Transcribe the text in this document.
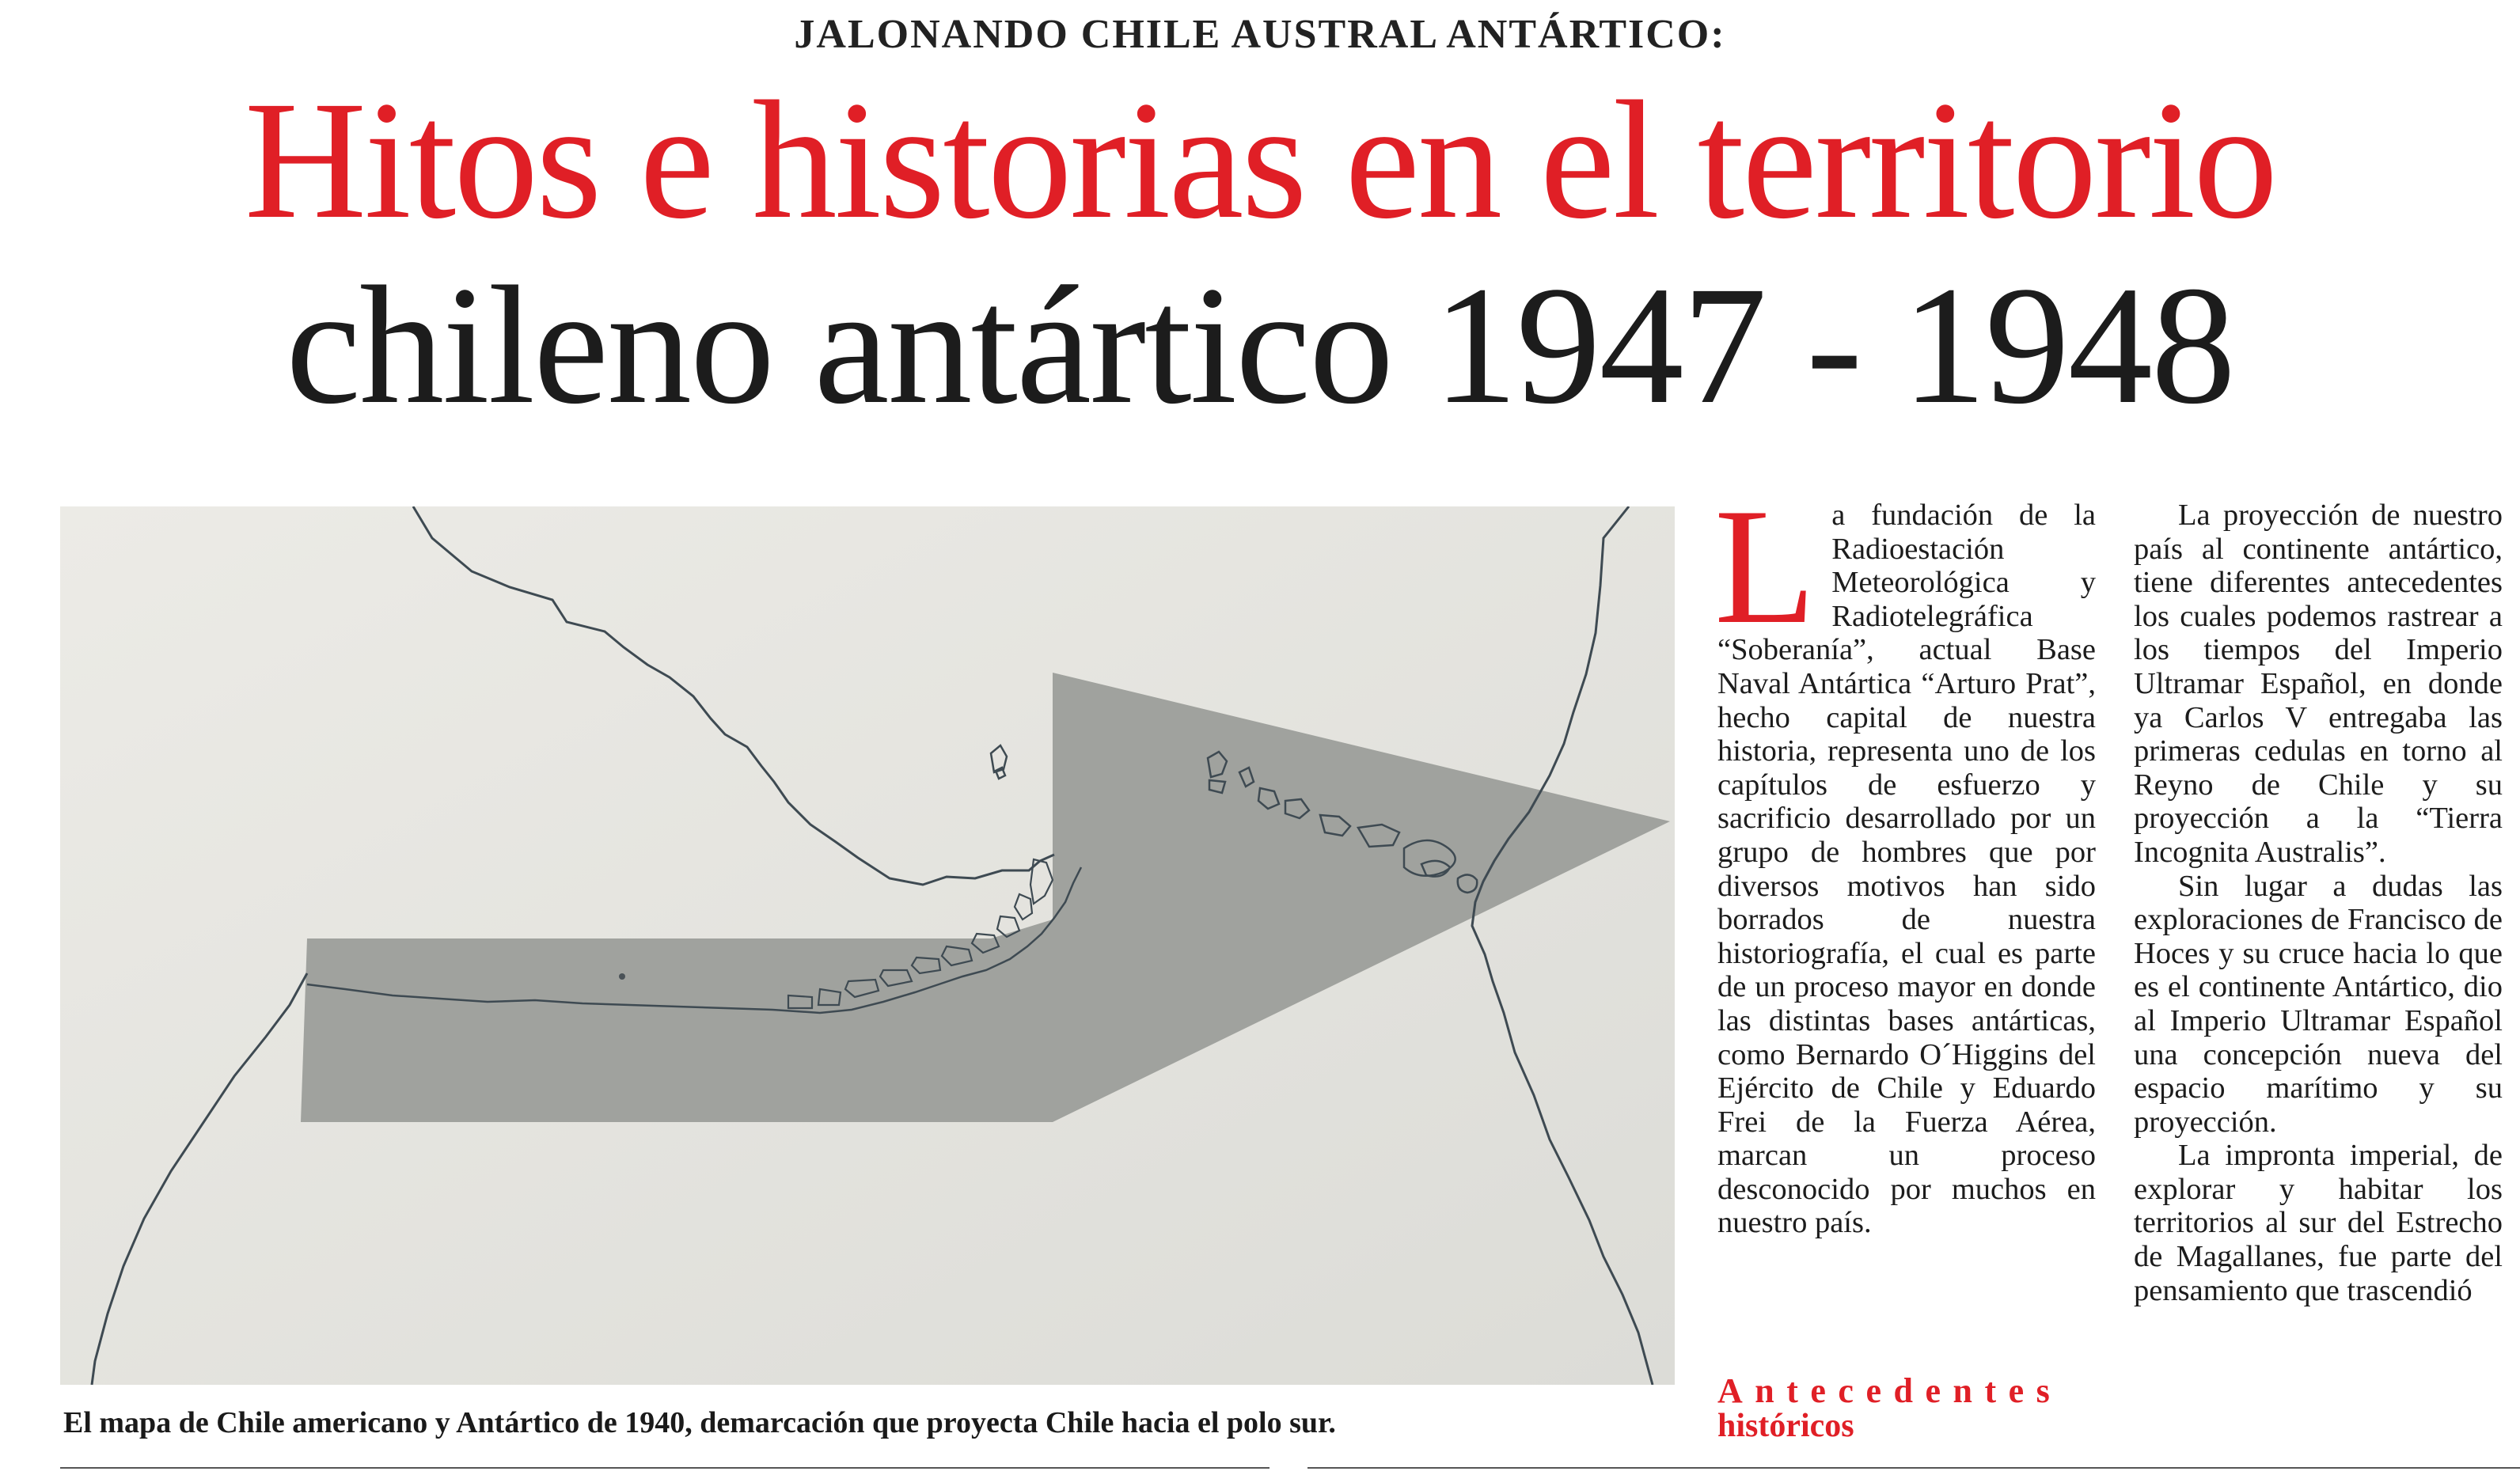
JALONANDO CHILE AUSTRAL ANTÁRTICO:
Hitos e historias en el territorio
chileno antártico 1947 - 1948
El mapa de Chile americano y Antártico de 1940, demarcación que proyecta Chile hacia el polo sur.
L a fundación de la Radioestación Meteorológica y Radiotelegráfica “Soberanía”, actual Base Naval Antártica “Arturo Prat”, hecho capital de nuestra historia, representa uno de los capítulos de esfuerzo y sacrificio desarrollado por un grupo de hombres que por diversos motivos han sido borrados de nuestra historiografía, el cual es parte de un proceso mayor en donde las distintas bases antárticas, como Bernardo O´Higgins del Ejército de Chile y Eduardo Frei de la Fuerza Aérea, marcan un proceso desconocido por muchos en nuestro país.

Antecedentes
históricos

La proyección de nuestro país al continente antártico, tiene diferentes antecedentes los cuales podemos rastrear a los tiempos del Imperio Ultramar Español, en donde ya Carlos V entregaba las primeras cedulas en torno al Reyno de Chile y su proyección a la “Tierra Incognita Australis”.

Sin lugar a dudas las exploraciones de Francisco de Hoces y su cruce hacia lo que es el continente Antártico, dio al Imperio Ultramar Español una concepción nueva del espacio marítimo y su proyección.

La impronta imperial, de explorar y habitar los territorios al sur del Estrecho de Magallanes, fue parte del pensamiento que trascendió
